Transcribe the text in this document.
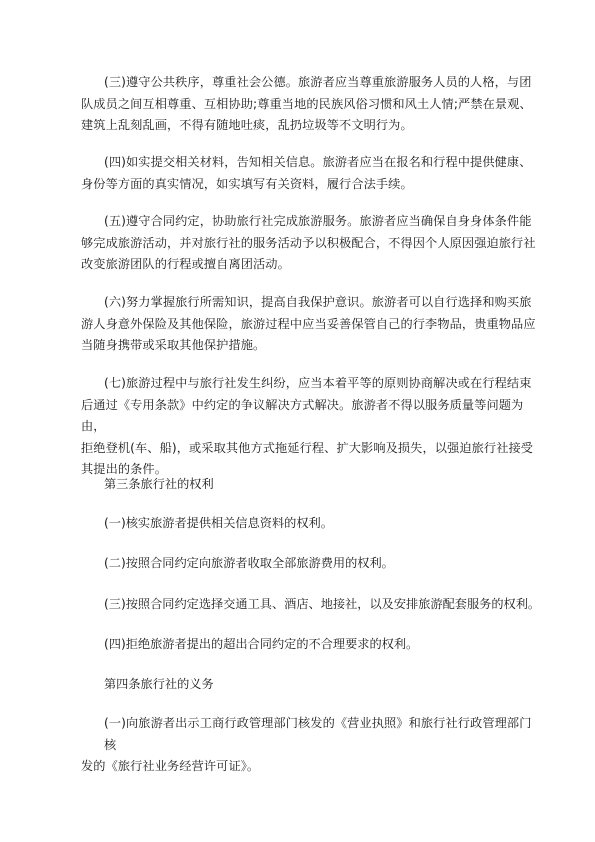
(三)遵守公共秩序，尊重社会公德。旅游者应当尊重旅游服务人员的人格，与团
队成员之间互相尊重、互相协助;尊重当地的民族风俗习惯和风土人情;严禁在景观、
建筑上乱刻乱画，不得有随地吐痰，乱扔垃圾等不文明行为。
(四)如实提交相关材料，告知相关信息。旅游者应当在报名和行程中提供健康、
身份等方面的真实情况，如实填写有关资料，履行合法手续。
(五)遵守合同约定，协助旅行社完成旅游服务。旅游者应当确保自身身体条件能
够完成旅游活动，并对旅行社的服务活动予以积极配合，不得因个人原因强迫旅行社
改变旅游团队的行程或擅自离团活动。
(六)努力掌握旅行所需知识，提高自我保护意识。旅游者可以自行选择和购买旅
游人身意外保险及其他保险，旅游过程中应当妥善保管自己的行李物品，贵重物品应
当随身携带或采取其他保护措施。
(七)旅游过程中与旅行社发生纠纷，应当本着平等的原则协商解决或在行程结束
后通过《专用条款》中约定的争议解决方式解决。旅游者不得以服务质量等问题为由，
拒绝登机(车、船)，或采取其他方式拖延行程、扩大影响及损失，以强迫旅行社接受
其提出的条件。
第三条旅行社的权利
(一)核实旅游者提供相关信息资料的权利。
(二)按照合同约定向旅游者收取全部旅游费用的权利。
(三)按照合同约定选择交通工具、酒店、地接社，以及安排旅游配套服务的权利。
(四)拒绝旅游者提出的超出合同约定的不合理要求的权利。
第四条旅行社的义务
(一)向旅游者出示工商行政管理部门核发的《营业执照》和旅行社行政管理部门核
发的《旅行社业务经营许可证》。
